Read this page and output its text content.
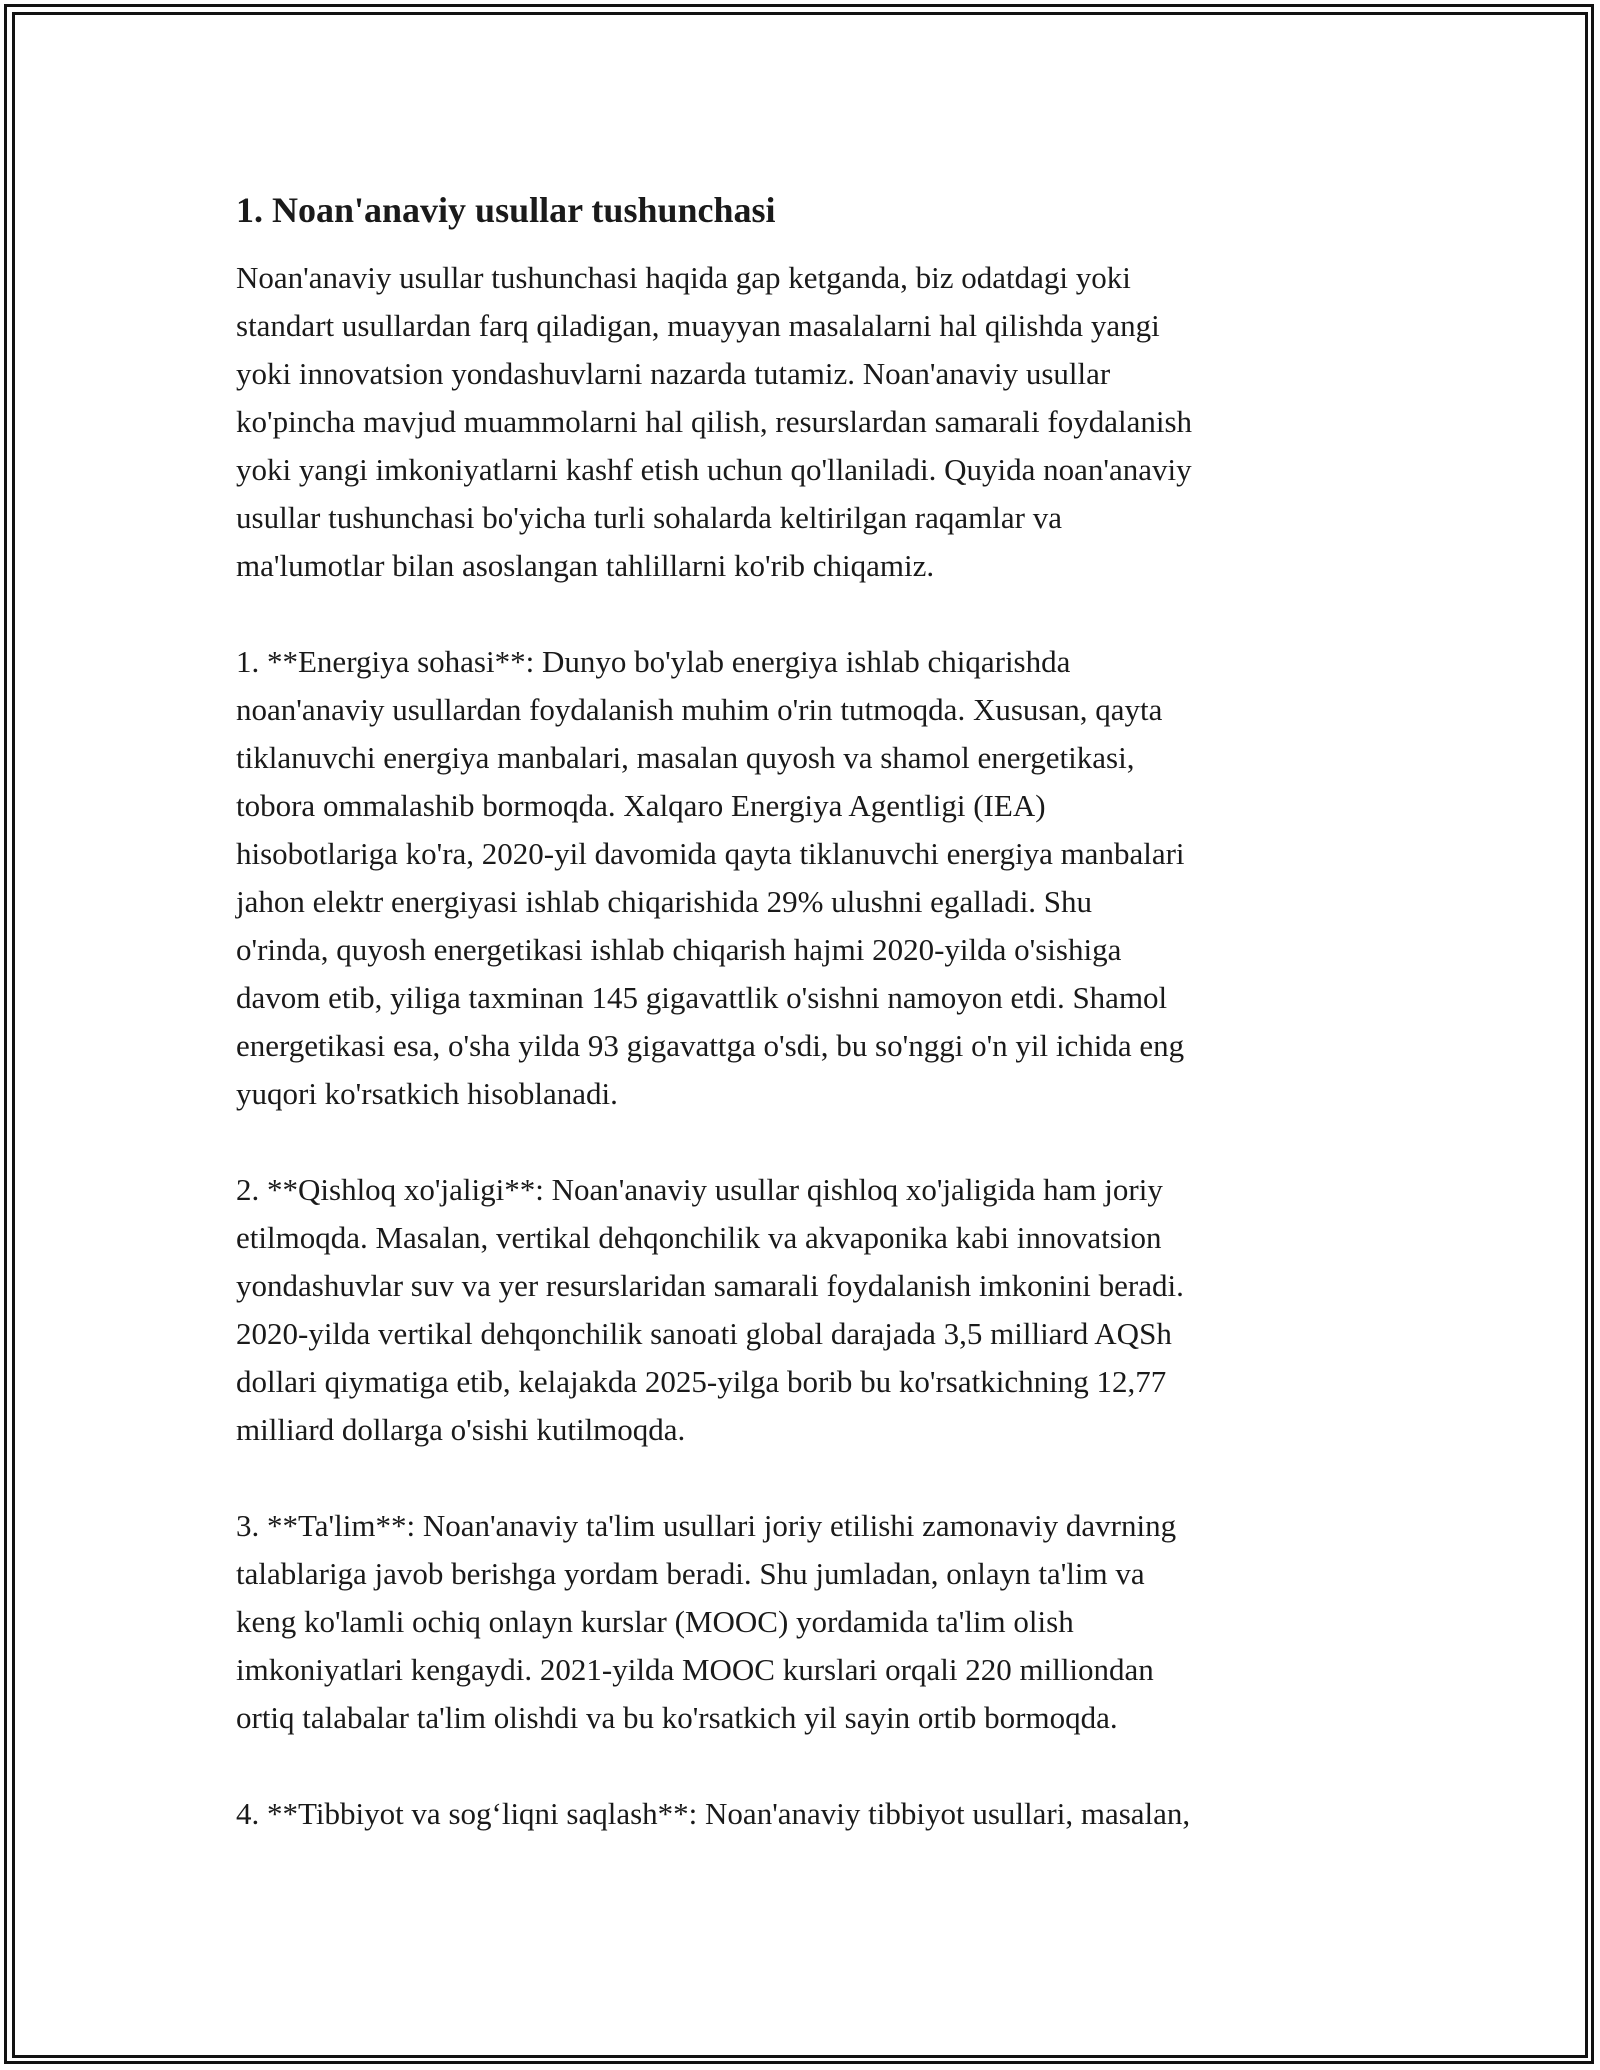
1. Noan'anaviy usullar tushunchasi

Noan'anaviy usullar tushunchasi haqida gap ketganda, biz odatdagi yoki
standart usullardan farq qiladigan, muayyan masalalarni hal qilishda yangi
yoki innovatsion yondashuvlarni nazarda tutamiz. Noan'anaviy usullar
ko'pincha mavjud muammolarni hal qilish, resurslardan samarali foydalanish
yoki yangi imkoniyatlarni kashf etish uchun qo'llaniladi. Quyida noan'anaviy
usullar tushunchasi bo'yicha turli sohalarda keltirilgan raqamlar va
ma'lumotlar bilan asoslangan tahlillarni ko'rib chiqamiz.

1. **Energiya sohasi**: Dunyo bo'ylab energiya ishlab chiqarishda
noan'anaviy usullardan foydalanish muhim o'rin tutmoqda. Xususan, qayta
tiklanuvchi energiya manbalari, masalan quyosh va shamol energetikasi,
tobora ommalashib bormoqda. Xalqaro Energiya Agentligi (IEA)
hisobotlariga ko'ra, 2020-yil davomida qayta tiklanuvchi energiya manbalari
jahon elektr energiyasi ishlab chiqarishida 29% ulushni egalladi. Shu
o'rinda, quyosh energetikasi ishlab chiqarish hajmi 2020-yilda o'sishiga
davom etib, yiliga taxminan 145 gigavattlik o'sishni namoyon etdi. Shamol
energetikasi esa, o'sha yilda 93 gigavattga o'sdi, bu so'nggi o'n yil ichida eng
yuqori ko'rsatkich hisoblanadi.

2. **Qishloq xo'jaligi**: Noan'anaviy usullar qishloq xo'jaligida ham joriy
etilmoqda. Masalan, vertikal dehqonchilik va akvaponika kabi innovatsion
yondashuvlar suv va yer resurslaridan samarali foydalanish imkonini beradi.
2020-yilda vertikal dehqonchilik sanoati global darajada 3,5 milliard AQSh
dollari qiymatiga etib, kelajakda 2025-yilga borib bu ko'rsatkichning 12,77
milliard dollarga o'sishi kutilmoqda.

3. **Ta'lim**: Noan'anaviy ta'lim usullari joriy etilishi zamonaviy davrning
talablariga javob berishga yordam beradi. Shu jumladan, onlayn ta'lim va
keng ko'lamli ochiq onlayn kurslar (MOOC) yordamida ta'lim olish
imkoniyatlari kengaydi. 2021-yilda MOOC kurslari orqali 220 milliondan
ortiq talabalar ta'lim olishdi va bu ko'rsatkich yil sayin ortib bormoqda.

4. **Tibbiyot va sog‘liqni saqlash**: Noan'anaviy tibbiyot usullari, masalan,
